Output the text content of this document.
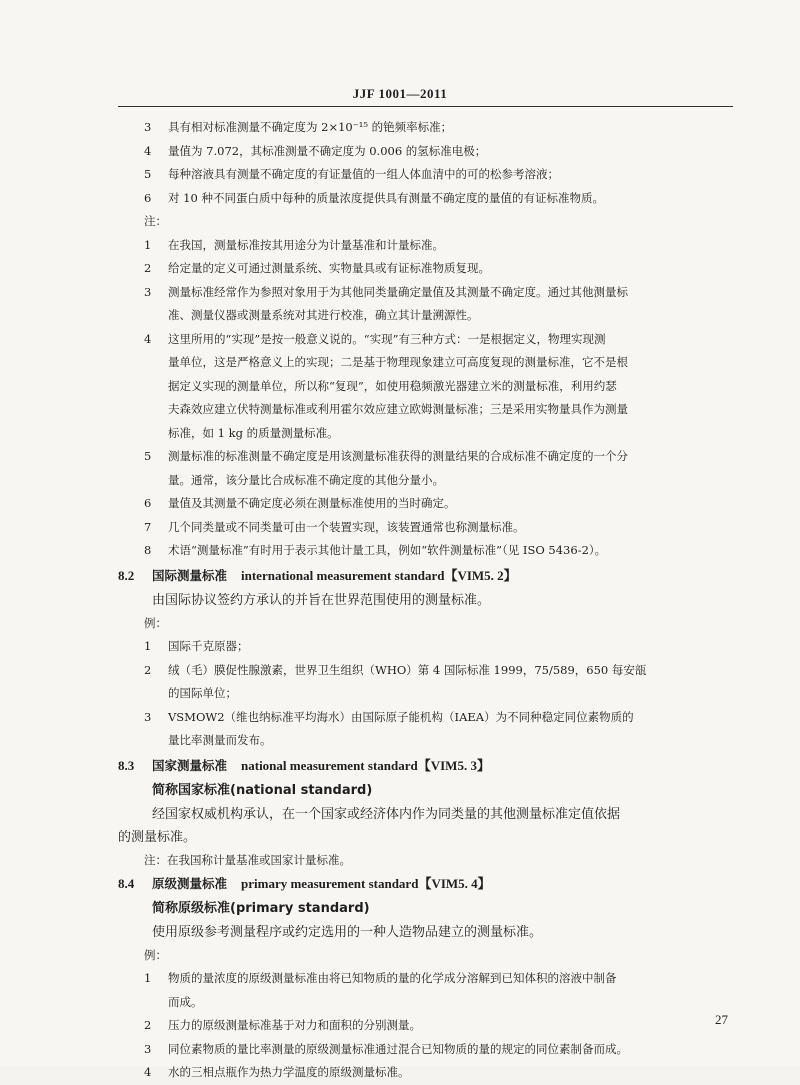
JJF 1001—2011
3	具有相对标准测量不确定度为 2×10⁻¹⁵ 的铯频率标准；
4	量值为 7.072，其标准测量不确定度为 0.006 的氢标准电极；
5	每种溶液具有测量不确定度的有证量值的一组人体血清中的可的松参考溶液；
6	对 10 种不同蛋白质中每种的质量浓度提供具有测量不确定度的量值的有证标准物质。
注：
1	在我国，测量标准按其用途分为计量基准和计量标准。
2	给定量的定义可通过测量系统、实物量具或有证标准物质复现。
3	测量标准经常作为参照对象用于为其他同类量确定量值及其测量不确定度。通过其他测量标
准、测量仪器或测量系统对其进行校准，确立其计量溯源性。
4	这里所用的“实现”是按一般意义说的。“实现”有三种方式：一是根据定义，物理实现测
量单位，这是严格意义上的实现；二是基于物理现象建立可高度复现的测量标准，它不是根
据定义实现的测量单位，所以称“复现”，如使用稳频激光器建立米的测量标准，利用约瑟
夫森效应建立伏特测量标准或利用霍尔效应建立欧姆测量标准；三是采用实物量具作为测量
标准，如 1 kg 的质量测量标准。
5	测量标准的标准测量不确定度是用该测量标准获得的测量结果的合成标准不确定度的一个分
量。通常，该分量比合成标准不确定度的其他分量小。
6	量值及其测量不确定度必须在测量标准使用的当时确定。
7	几个同类量或不同类量可由一个装置实现，该装置通常也称测量标准。
8	术语“测量标准”有时用于表示其他计量工具，例如“软件测量标准”（见 ISO 5436-2）。
8.2 国际测量标准 international measurement standard【VIM5. 2】
由国际协议签约方承认的并旨在世界范围使用的测量标准。
例：
1	国际千克原器；
2	绒（毛）膜促性腺激素，世界卫生组织（WHO）第 4 国际标准 1999，75/589，650 每安瓿
的国际单位；
3	VSMOW2（维也纳标准平均海水）由国际原子能机构（IAEA）为不同种稳定同位素物质的
量比率测量而发布。
8.3 国家测量标准 national measurement standard【VIM5. 3】
简称国家标准(national standard)
经国家权威机构承认，在一个国家或经济体内作为同类量的其他测量标准定值依据
的测量标准。
注：在我国称计量基准或国家计量标准。
8.4 原级测量标准 primary measurement standard【VIM5. 4】
简称原级标准(primary standard)
使用原级参考测量程序或约定选用的一种人造物品建立的测量标准。
例：
1	物质的量浓度的原级测量标准由将已知物质的量的化学成分溶解到已知体积的溶液中制备
而成。
2	压力的原级测量标准基于对力和面积的分别测量。
3	同位素物质的量比率测量的原级测量标准通过混合已知物质的量的规定的同位素制备而成。
4	水的三相点瓶作为热力学温度的原级测量标准。
27
